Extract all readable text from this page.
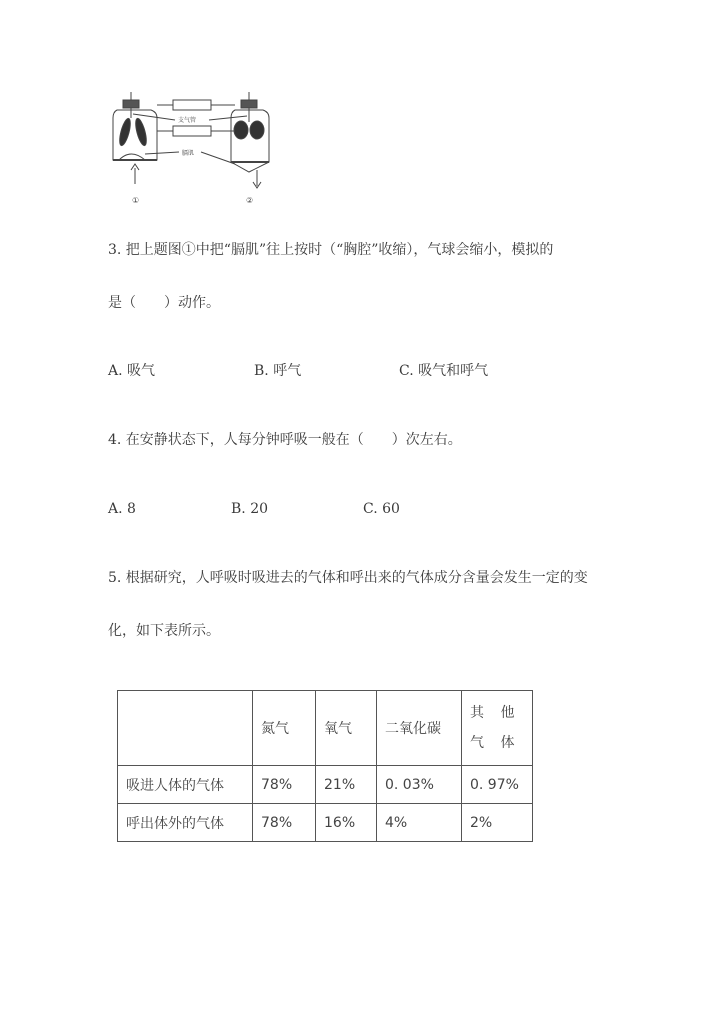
支气管
膈肌
①	②
3. 把上题图①中把“膈肌”往上按时（“胸腔”收缩），气球会缩小，模拟的
是（　　）动作。
A. 吸气	B. 呼气	C. 吸气和呼气
4. 在安静状态下，人每分钟呼吸一般在（　　）次左右。
A. 8	B. 20	C. 60
5. 根据研究，人呼吸时吸进去的气体和呼出来的气体成分含量会发生一定的变
化，如下表所示。
	氮气	氧气	二氧化碳	其 他 气 体
吸进人体的气体	78%	21%	0. 03%	0. 97%
呼出体外的气体	78%	16%	4%	2%
